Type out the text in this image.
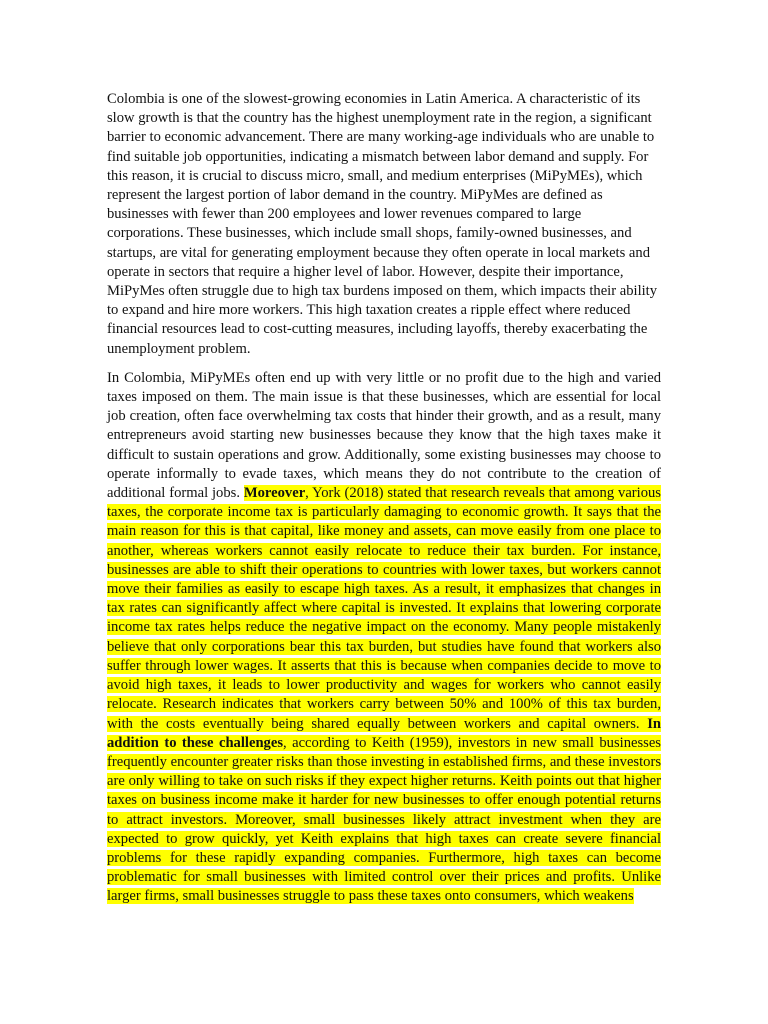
Colombia is one of the slowest-growing economies in Latin America. A characteristic of its slow growth is that the country has the highest unemployment rate in the region, a significant barrier to economic advancement. There are many working-age individuals who are unable to find suitable job opportunities, indicating a mismatch between labor demand and supply. For this reason, it is crucial to discuss micro, small, and medium enterprises (MiPyMEs), which represent the largest portion of labor demand in the country. MiPyMes are defined as businesses with fewer than 200 employees and lower revenues compared to large corporations. These businesses, which include small shops, family-owned businesses, and startups, are vital for generating employment because they often operate in local markets and operate in sectors that require a higher level of labor. However, despite their importance, MiPyMes often struggle due to high tax burdens imposed on them, which impacts their ability to expand and hire more workers. This high taxation creates a ripple effect where reduced financial resources lead to cost-cutting measures, including layoffs, thereby exacerbating the unemployment problem.

In Colombia, MiPyMEs often end up with very little or no profit due to the high and varied taxes imposed on them. The main issue is that these businesses, which are essential for local job creation, often face overwhelming tax costs that hinder their growth, and as a result, many entrepreneurs avoid starting new businesses because they know that the high taxes make it difficult to sustain operations and grow. Additionally, some existing businesses may choose to operate informally to evade taxes, which means they do not contribute to the creation of additional formal jobs. Moreover, York (2018) stated that research reveals that among various taxes, the corporate income tax is particularly damaging to economic growth. It says that the main reason for this is that capital, like money and assets, can move easily from one place to another, whereas workers cannot easily relocate to reduce their tax burden. For instance, businesses are able to shift their operations to countries with lower taxes, but workers cannot move their families as easily to escape high taxes. As a result, it emphasizes that changes in tax rates can significantly affect where capital is invested. It explains that lowering corporate income tax rates helps reduce the negative impact on the economy. Many people mistakenly believe that only corporations bear this tax burden, but studies have found that workers also suffer through lower wages. It asserts that this is because when companies decide to move to avoid high taxes, it leads to lower productivity and wages for workers who cannot easily relocate. Research indicates that workers carry between 50% and 100% of this tax burden, with the costs eventually being shared equally between workers and capital owners. In addition to these challenges, according to Keith (1959), investors in new small businesses frequently encounter greater risks than those investing in established firms, and these investors are only willing to take on such risks if they expect higher returns. Keith points out that higher taxes on business income make it harder for new businesses to offer enough potential returns to attract investors. Moreover, small businesses likely attract investment when they are expected to grow quickly, yet Keith explains that high taxes can create severe financial problems for these rapidly expanding companies. Furthermore, high taxes can become problematic for small businesses with limited control over their prices and profits. Unlike larger firms, small businesses struggle to pass these taxes onto consumers, which weakens
